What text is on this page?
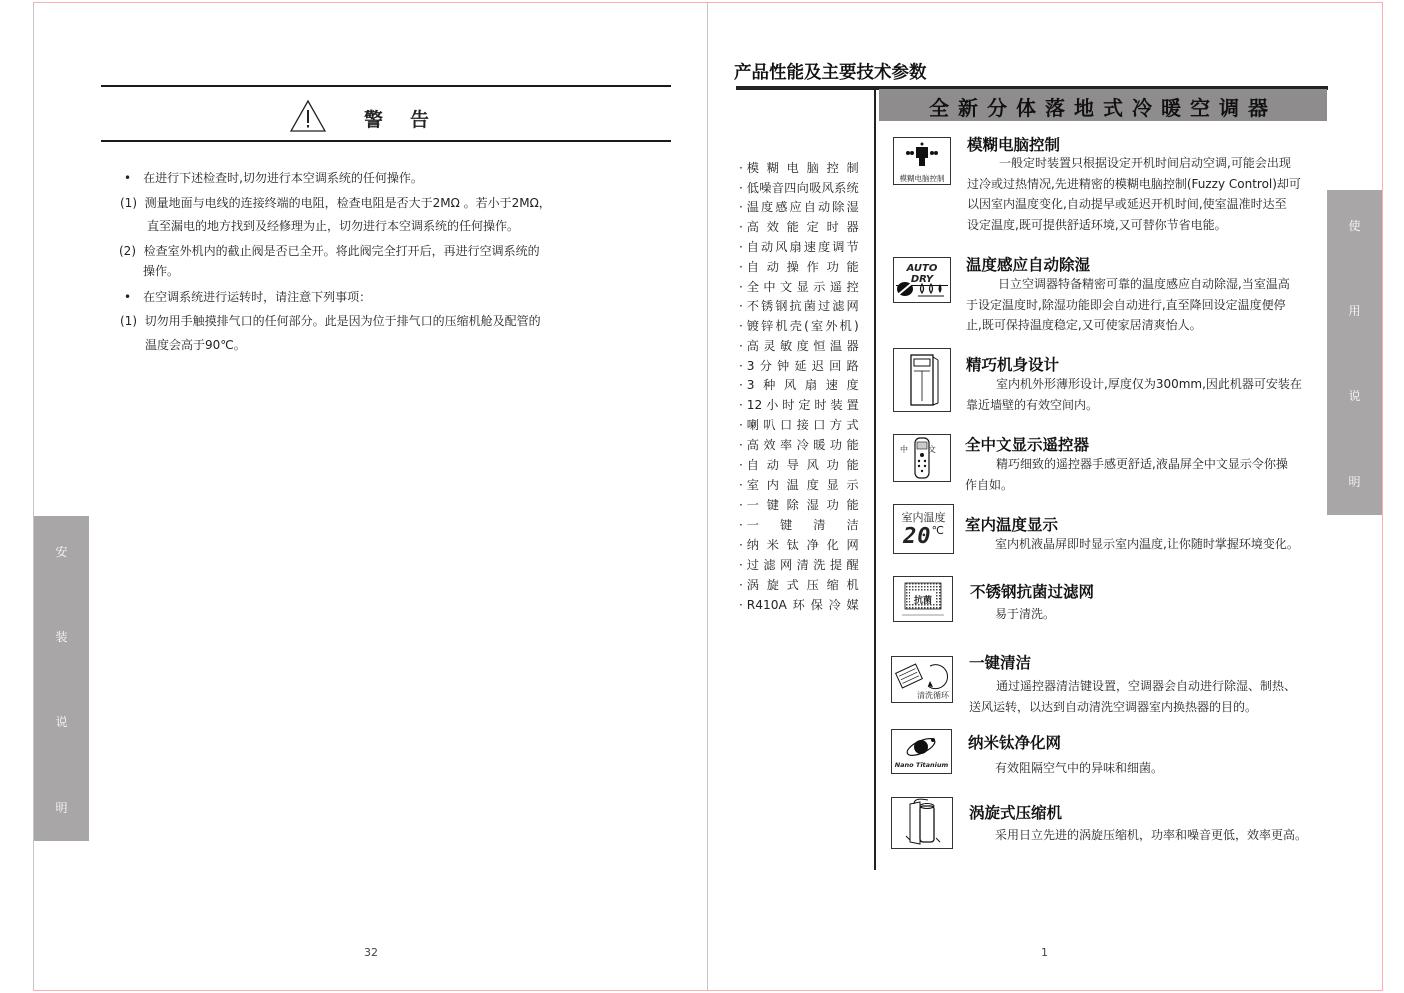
警　告
•　在进行下述检查时,切勿进行本空调系统的任何操作。
(1)  测量地面与电线的连接终端的电阻，检查电阻是否大于2MΩ 。若小于2MΩ，
直至漏电的地方找到及经修理为止，切勿进行本空调系统的任何操作。
(2)  检查室外机内的截止阀是否已全开。将此阀完全打开后，再进行空调系统的
操作。
•　在空调系统进行运转时，请注意下列事项：
(1)  切勿用手触摸排气口的任何部分。此是因为位于排气口的压缩机舱及配管的
温度会高于90℃。
安
装
说
明
32
产品性能及主要技术参数
全新分体落地式冷暖空调器
· 模糊电脑控制
· 低噪音四向吸风系统
· 温度感应自动除湿
· 高效能定时器
· 自动风扇速度调节
· 自动操作功能
· 全中文显示遥控
· 不锈钢抗菌过滤网
· 镀锌机壳(室外机)
· 高灵敏度恒温器
· 3分钟延迟回路
· 3种风扇速度
· 12小时定时装置
· 喇叭口接口方式
· 高效率冷暖功能
· 自动导风功能
· 室内温度显示
· 一键除湿功能
· 一键清洁
· 纳米钛净化网
· 过滤网清洗提醒
· 涡旋式压缩机
· R410A环保冷媒
模糊电脑控制
模糊电脑控制
一般定时装置只根据设定开机时间启动空调,可能会出现
过冷或过热情况,先进精密的模糊电脑控制(Fuzzy Control)却可
以因室内温度变化,自动提早或延迟开机时间,使室温准时达至
设定温度,既可提供舒适环境,又可替你节省电能。
AUTO DRY
温度感应自动除湿
日立空调器特备精密可靠的温度感应自动除湿,当室温高
于设定温度时,除湿功能即会自动进行,直至降回设定温度便停
止,既可保持温度稳定,又可使家居清爽怡人。
精巧机身设计
室内机外形薄形设计,厚度仅为300mm,因此机器可安装在
靠近墙壁的有效空间内。
中　文 全中文显示遥控器
精巧细致的遥控器手感更舒适,液晶屏全中文显示令你操
作自如。
室内温度
20℃	室内温度显示
室内机液晶屏即时显示室内温度,让你随时掌握环境变化。
抗菌	不锈钢抗菌过滤网
易于清洗。
清洗循环
一键清洁
通过遥控器清洁键设置，空调器会自动进行除湿、制热、
送风运转，以达到自动清洗空调器室内换热器的目的。
Nano Titanium
纳米钛净化网
有效阻隔空气中的异味和细菌。
涡旋式压缩机
采用日立先进的涡旋压缩机，功率和噪音更低，效率更高。
使
用
说
明
1
